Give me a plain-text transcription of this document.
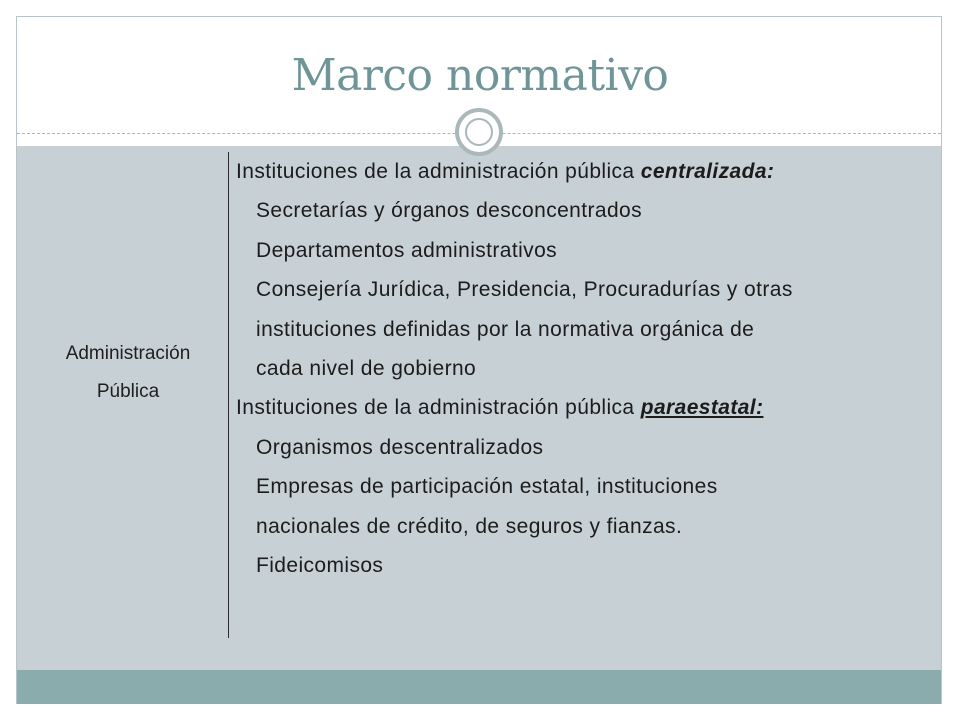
Marco normativo
Administración
Pública
Instituciones de la administración pública centralizada:
Secretarías y órganos desconcentrados
Departamentos administrativos
Consejería Jurídica, Presidencia, Procuradurías y otras
instituciones definidas por la normativa orgánica de
cada nivel de gobierno
Instituciones de la administración pública paraestatal:
Organismos descentralizados
Empresas de participación estatal, instituciones
nacionales de crédito, de seguros y fianzas.
Fideicomisos
